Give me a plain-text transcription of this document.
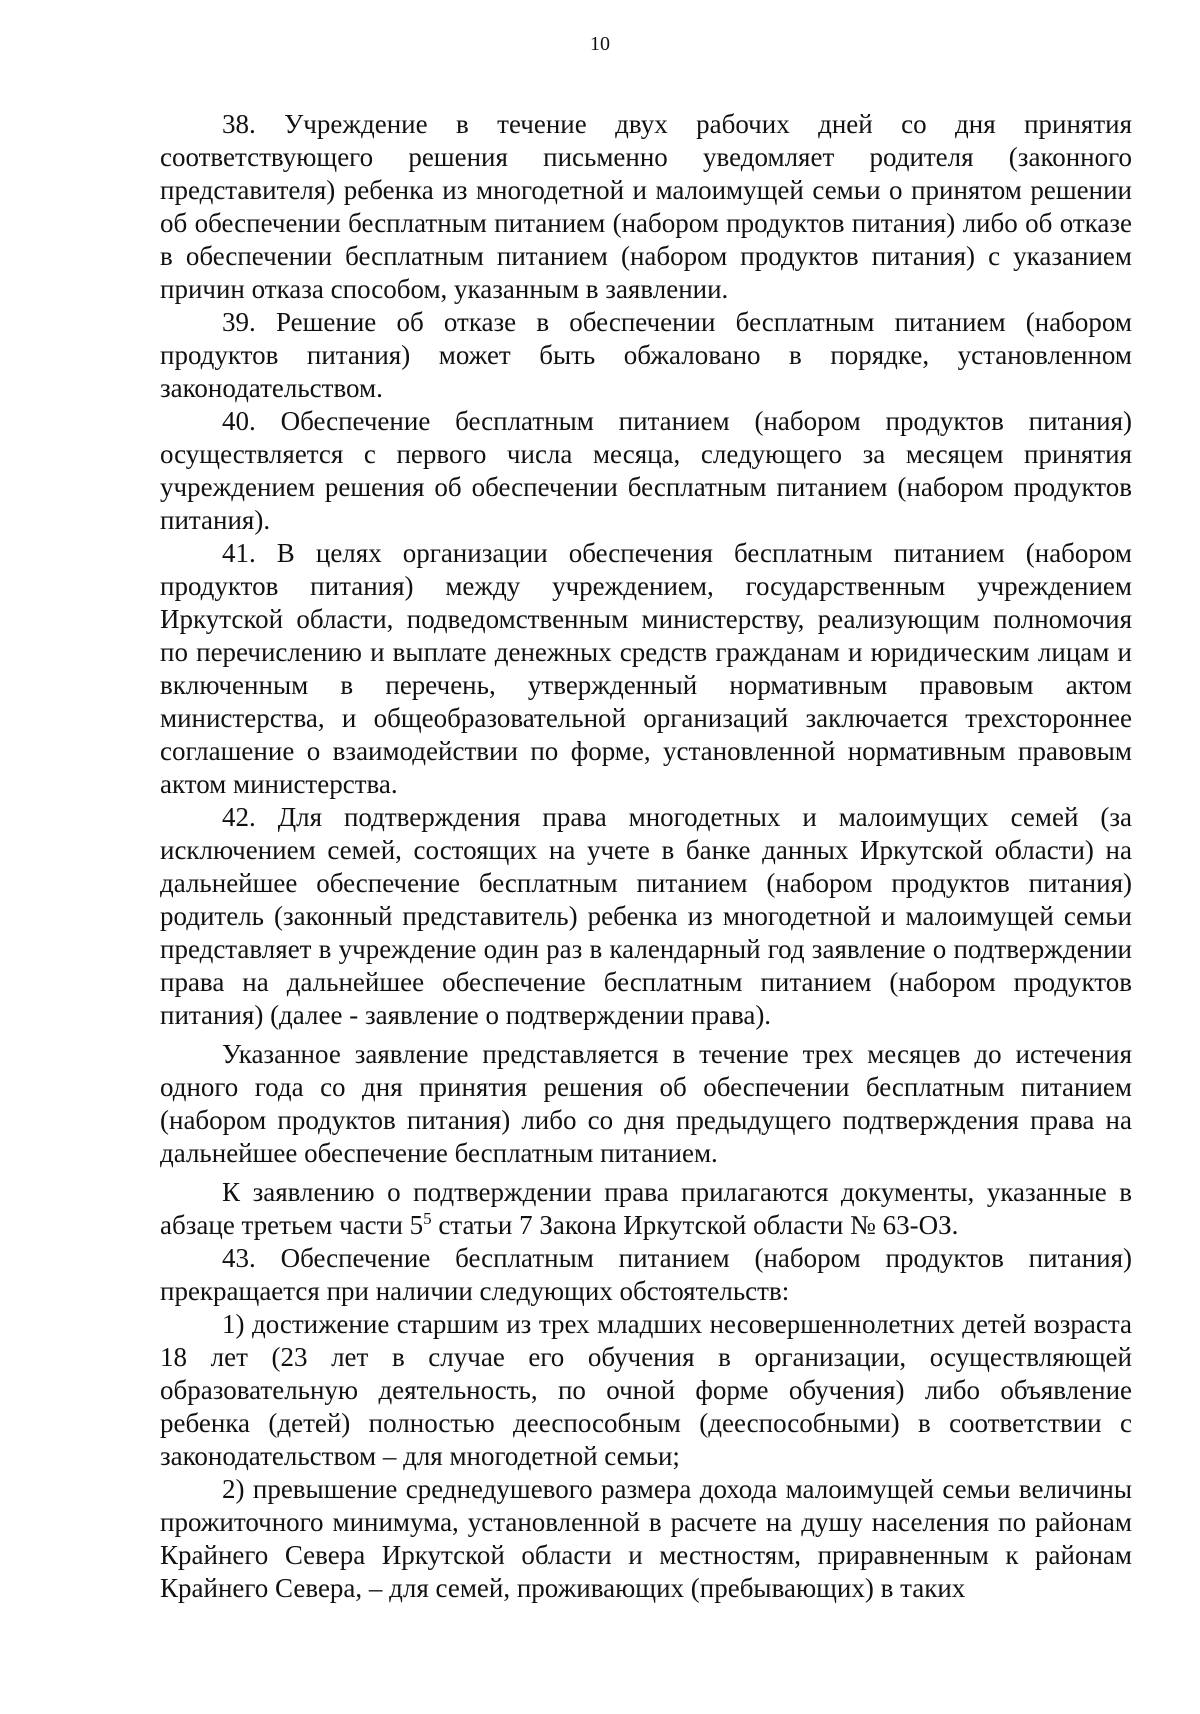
10

38. Учреждение в течение двух рабочих дней со дня принятия соответствующего решения письменно уведомляет родителя (законного представителя) ребенка из многодетной и малоимущей семьи о принятом решении об обеспечении бесплатным питанием (набором продуктов питания) либо об отказе в обеспечении бесплатным питанием (набором продуктов питания) с указанием причин отказа способом, указанным в заявлении.

39. Решение об отказе в обеспечении бесплатным питанием (набором продуктов питания) может быть обжаловано в порядке, установленном законодательством.

40. Обеспечение бесплатным питанием (набором продуктов питания) осуществляется с первого числа месяца, следующего за месяцем принятия учреждением решения об обеспечении бесплатным питанием (набором продуктов питания).

41. В целях организации обеспечения бесплатным питанием (набором продуктов питания) между учреждением, государственным учреждением Иркутской области, подведомственным министерству, реализующим полномочия по перечислению и выплате денежных средств гражданам и юридическим лицам и включенным в перечень, утвержденный нормативным правовым актом министерства, и общеобразовательной организаций заключается трехстороннее соглашение о взаимодействии по форме, установленной нормативным правовым актом министерства.

42. Для подтверждения права многодетных и малоимущих семей (за исключением семей, состоящих на учете в банке данных Иркутской области) на дальнейшее обеспечение бесплатным питанием (набором продуктов питания) родитель (законный представитель) ребенка из многодетной и малоимущей семьи представляет в учреждение один раз в календарный год заявление о подтверждении права на дальнейшее обеспечение бесплатным питанием (набором продуктов питания) (далее - заявление о подтверждении права).

Указанное заявление представляется в течение трех месяцев до истечения одного года со дня принятия решения об обеспечении бесплатным питанием (набором продуктов питания) либо со дня предыдущего подтверждения права на дальнейшее обеспечение бесплатным питанием.

К заявлению о подтверждении права прилагаются документы, указанные в абзаце третьем части $5^5$ статьи 7 Закона Иркутской области № 63-ОЗ.

43. Обеспечение бесплатным питанием (набором продуктов питания) прекращается при наличии следующих обстоятельств:

1) достижение старшим из трех младших несовершеннолетних детей возраста 18 лет (23 лет в случае его обучения в организации, осуществляющей образовательную деятельность, по очной форме обучения) либо объявление ребенка (детей) полностью дееспособным (дееспособными) в соответствии с законодательством – для многодетной семьи;

2) превышение среднедушевого размера дохода малоимущей семьи величины прожиточного минимума, установленной в расчете на душу населения по районам Крайнего Севера Иркутской области и местностям, приравненным к районам Крайнего Севера, – для семей, проживающих (пребывающих) в таких
